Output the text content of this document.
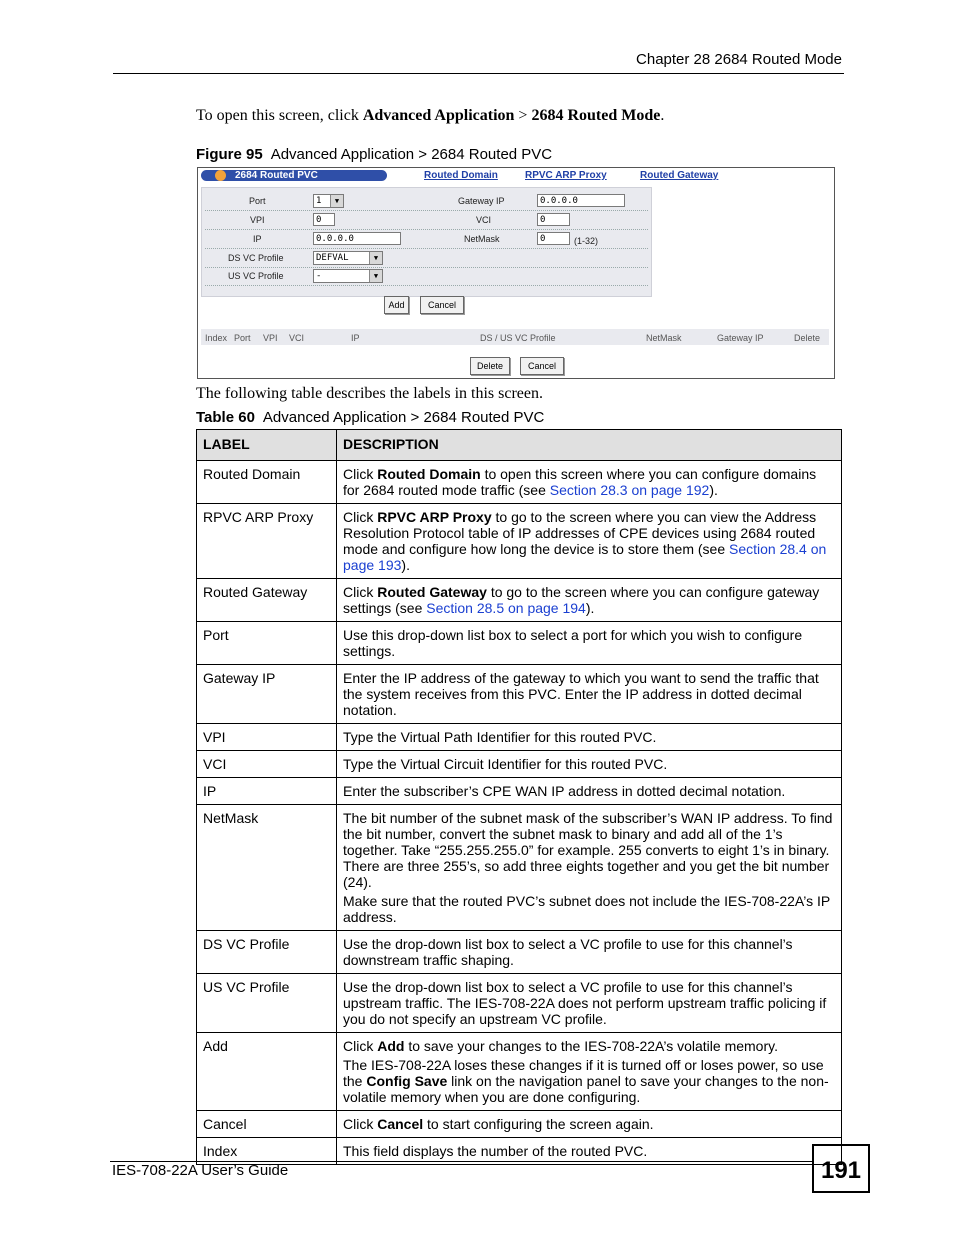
Chapter 28 2684 Routed Mode
To open this screen, click Advanced Application > 2684 Routed Mode.
Figure 95 Advanced Application > 2684 Routed PVC
2684 Routed PVC	Routed Domain	RPVC ARP Proxy	Routed Gateway
Port	1	▼
VPI	0
IP	0.0.0.0
DS VC Profile	DEFVAL	▼
US VC Profile	-	▼
Gateway IP	0.0.0.0
VCI	0
NetMask	0	(1-32)
Add	Cancel
Index Port VPI VCI	IP	DS / US VC Profile	NetMask	Gateway IP	Delete
Delete	Cancel
The following table describes the labels in this screen.
Table 60 Advanced Application > 2684 Routed PVC
LABEL	DESCRIPTION
Routed Domain	Click Routed Domain to open this screen where you can configure domains for 2684 routed mode traffic (see Section 28.3 on page 192).
RPVC ARP Proxy	Click RPVC ARP Proxy to go to the screen where you can view the Address Resolution Protocol table of IP addresses of CPE devices using 2684 routed mode and configure how long the device is to store them (see Section 28.4 on page 193).
Routed Gateway	Click Routed Gateway to go to the screen where you can configure gateway settings (see Section 28.5 on page 194).
Port	Use this drop-down list box to select a port for which you wish to configure settings.
Gateway IP	Enter the IP address of the gateway to which you want to send the traffic that the system receives from this PVC. Enter the IP address in dotted decimal notation.
VPI	Type the Virtual Path Identifier for this routed PVC.
VCI	Type the Virtual Circuit Identifier for this routed PVC.
IP	Enter the subscriber’s CPE WAN IP address in dotted decimal notation.
NetMask	The bit number of the subnet mask of the subscriber’s WAN IP address. To find the bit number, convert the subnet mask to binary and add all of the 1’s together. Take “255.255.255.0” for example. 255 converts to eight 1’s in binary. There are three 255’s, so add three eights together and you get the bit number (24).

Make sure that the routed PVC’s subnet does not include the IES-708-22A’s IP address.

DS VC Profile	Use the drop-down list box to select a VC profile to use for this channel’s downstream traffic shaping.
US VC Profile	Use the drop-down list box to select a VC profile to use for this channel’s upstream traffic. The IES-708-22A does not perform upstream traffic policing if you do not specify an upstream VC profile.
Add	Click Add to save your changes to the IES-708-22A’s volatile memory.

The IES-708-22A loses these changes if it is turned off or loses power, so use the Config Save link on the navigation panel to save your changes to the non-volatile memory when you are done configuring.

Cancel	Click Cancel to start configuring the screen again.
Index	This field displays the number of the routed PVC.
IES-708-22A User’s Guide	191
